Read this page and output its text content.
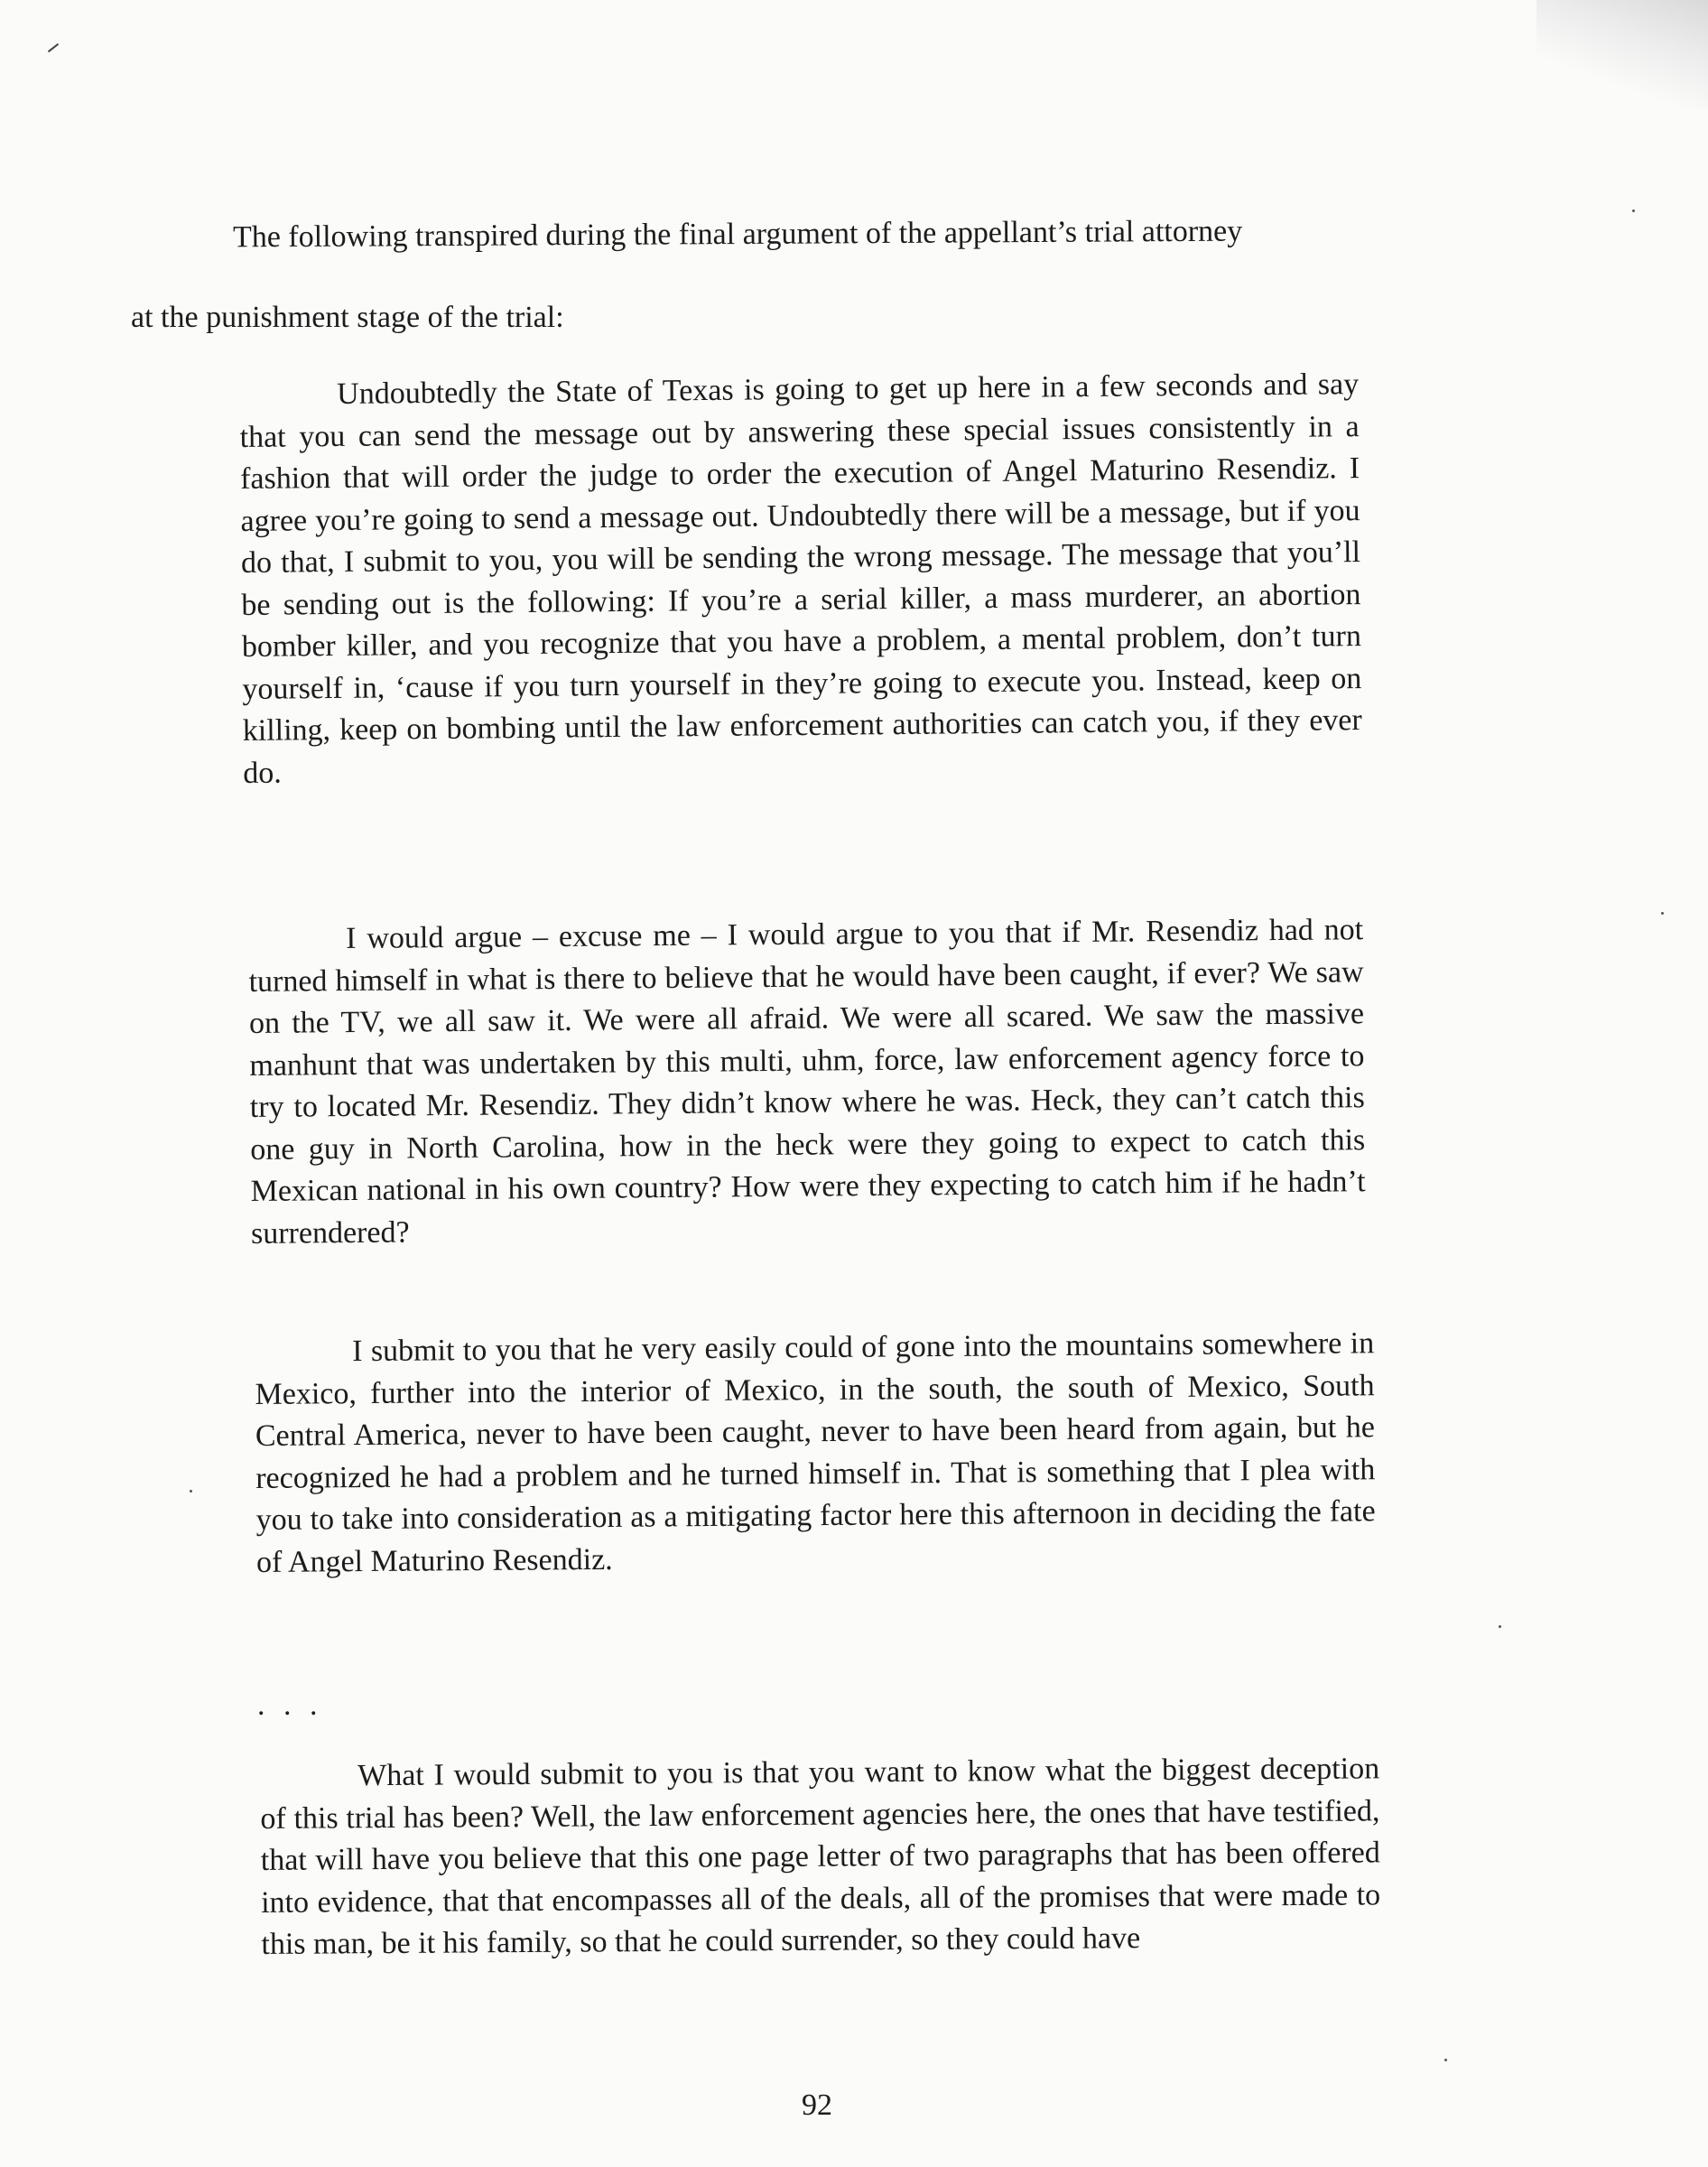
The following transpired during the final argument of the appellant’s trial attorney
at the punishment stage of the trial:

Undoubtedly the State of Texas is going to get up here in a few seconds and say that you can send the message out by answering these special issues consistently in a fashion that will order the judge to order the execution of Angel Maturino Resendiz. I agree you’re going to send a message out. Undoubtedly there will be a message, but if you do that, I submit to you, you will be sending the wrong message. The message that you’ll be sending out is the following: If you’re a serial killer, a mass murderer, an abortion bomber killer, and you recognize that you have a problem, a mental problem, don’t turn yourself in, ‘cause if you turn yourself in they’re going to execute you. Instead, keep on killing, keep on bombing until the law enforcement authorities can catch you, if they ever do.

I would argue – excuse me – I would argue to you that if Mr. Resendiz had not turned himself in what is there to believe that he would have been caught, if ever? We saw on the TV, we all saw it. We were all afraid. We were all scared. We saw the massive manhunt that was undertaken by this multi, uhm, force, law enforcement agency force to try to located Mr. Resendiz. They didn’t know where he was. Heck, they can’t catch this one guy in North Carolina, how in the heck were they going to expect to catch this Mexican national in his own country? How were they expecting to catch him if he hadn’t surrendered?

I submit to you that he very easily could of gone into the mountains somewhere in Mexico, further into the interior of Mexico, in the south, the south of Mexico, South Central America, never to have been caught, never to have been heard from again, but he recognized he had a problem and he turned himself in. That is something that I plea with you to take into consideration as a mitigating factor here this afternoon in deciding the fate of Angel Maturino Resendiz.

. . .

What I would submit to you is that you want to know what the biggest deception of this trial has been? Well, the law enforcement agencies here, the ones that have testified, that will have you believe that this one page letter of two paragraphs that has been offered into evidence, that that encompasses all of the deals, all of the promises that were made to this man, be it his family, so that he could surrender, so they could have

92
